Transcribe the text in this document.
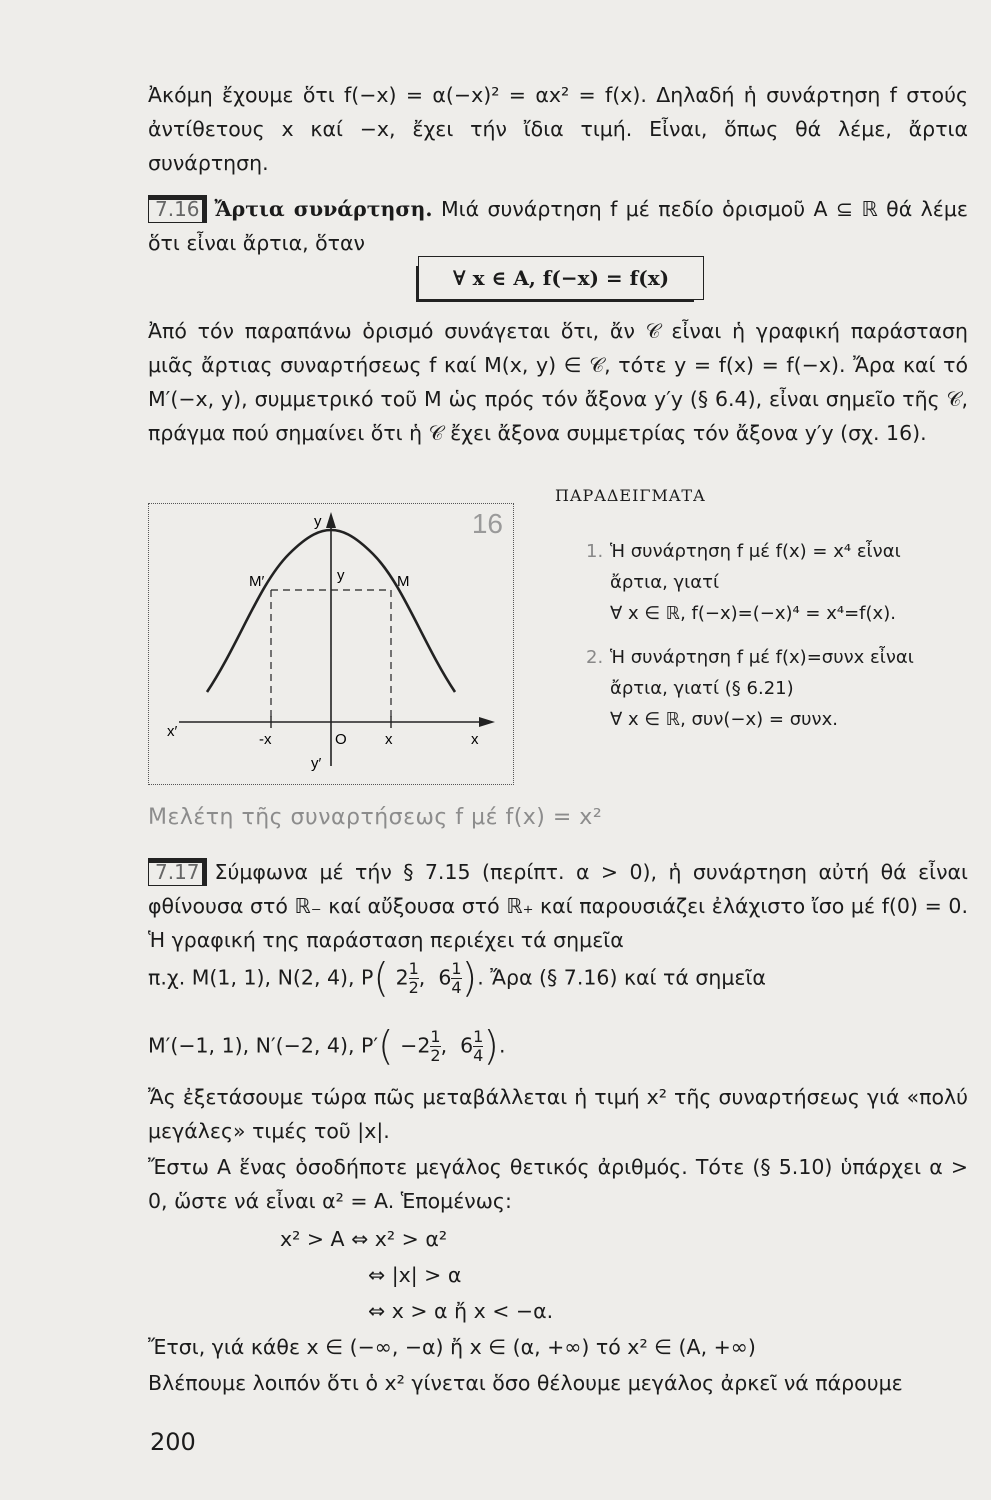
Ἀκόμη ἔχουμε ὅτι f(−x) = α(−x)² = αx² = f(x). Δηλαδή ἡ συνάρτηση f στούς ἀντίθετους x καί −x, ἔχει τήν ἴδια τιμή. Εἶναι, ὅπως θά λέμε, ἄρτια συνάρτηση.

7.16 Ἄρτια συνάρτηση. Μιά συνάρτηση f μέ πεδίο ὁρισμοῦ A ⊆ ℝ θά λέμε ὅτι εἶναι ἄρτια, ὅταν

∀ x ∈ A, f(−x) = f(x)

Ἀπό τόν παραπάνω ὁρισμό συνάγεται ὅτι, ἄν 𝒞 εἶναι ἡ γραφική παράσταση μιᾶς ἄρτιας συναρτήσεως f καί M(x, y) ∈ 𝒞, τότε y = f(x) = f(−x). Ἄρα καί τό M′(−x, y), συμμετρικό τοῦ M ὡς πρός τόν ἄξονα y′y (§ 6.4), εἶναι σημεῖο τῆς 𝒞, πράγμα πού σημαίνει ὅτι ἡ 𝒞 ἔχει ἄξονα συμμετρίας τόν ἄξονα y′y (σχ. 16).

16
y
y
M′	M
x′	-x	O	x	x
y′
ΠΑΡΑΔΕΙΓΜΑΤΑ
1. Ἡ συνάρτηση f μέ f(x) = x⁴ εἶναι
ἄρτια, γιατί
∀ x ∈ ℝ, f(−x)=(−x)⁴ = x⁴=f(x).
2. Ἡ συνάρτηση f μέ f(x)=συνx εἶναι
ἄρτια, γιατί (§ 6.21)
∀ x ∈ ℝ, συν(−x) = συνx.
Μελέτη τῆς συναρτήσεως f μέ f(x) = x²

7.17 Σύμφωνα μέ τήν § 7.15 (περίπτ. α > 0), ἡ συνάρτηση αὐτή θά εἶναι φθίνουσα στό ℝ₋ καί αὔξουσα στό ℝ₊ καί παρουσιάζει ἐλάχιστο ἴσο μέ f(0) = 0. Ἡ γραφική της παράσταση περιέχει τά σημεῖα

π.χ. M(1, 1), N(2, 4), P( $2 \frac{1}{2}$ ,  $6 \frac{1}{4}$ ). Ἄρα (§ 7.16) καί τά σημεῖα
M′(−1, 1), N′(−2, 4), $P'( -2 \frac{1}{2}$ ,  $6 \frac{1}{4}$ ).

Ἄς ἐξετάσουμε τώρα πῶς μεταβάλλεται ἡ τιμή x² τῆς συναρτήσεως γιά «πολύ μεγάλες» τιμές τοῦ |x|.

Ἔστω A ἕνας ὁσοδήποτε μεγάλος θετικός ἀριθμός. Τότε (§ 5.10) ὑπάρχει α > 0, ὥστε νά εἶναι α² = A. Ἑπομένως:

x² > A ⇔ x² > α²
⇔ |x| > α
⇔ x > α ἤ x < −α.

Ἔτσι, γιά κάθε x ∈ (−∞, −α) ἤ x ∈ (α, +∞) τό x² ∈ (A, +∞)

Βλέπουμε λοιπόν ὅτι ὁ x² γίνεται ὅσο θέλουμε μεγάλος ἀρκεῖ νά πάρουμε

200
